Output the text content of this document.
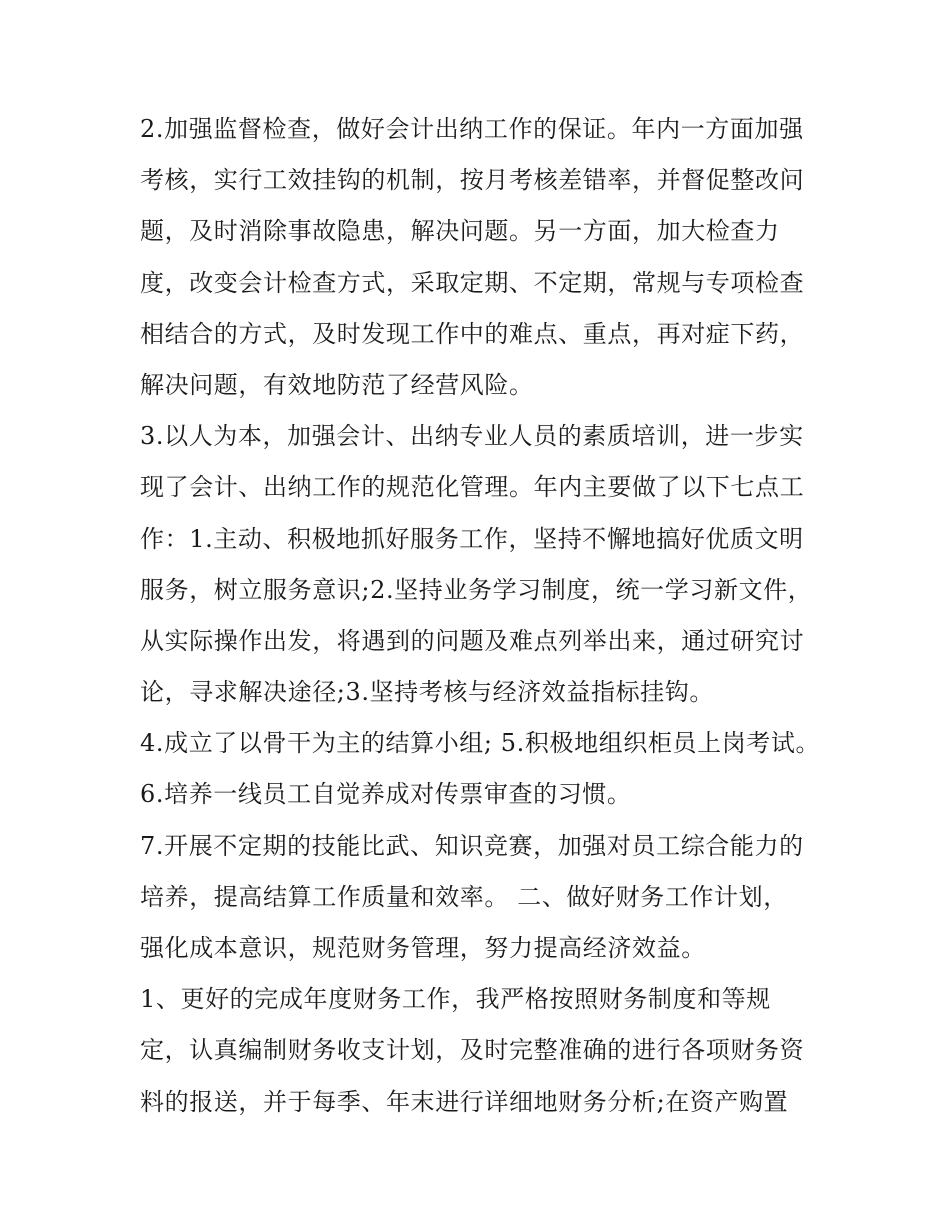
2.加强监督检查，做好会计出纳工作的保证。年内一方面加强
考核，实行工效挂钩的机制，按月考核差错率，并督促整改问
题，及时消除事故隐患，解决问题。另一方面，加大检查力
度，改变会计检查方式，采取定期、不定期，常规与专项检查
相结合的方式，及时发现工作中的难点、重点，再对症下药，
解决问题，有效地防范了经营风险。
3.以人为本，加强会计、出纳专业人员的素质培训，进一步实
现了会计、出纳工作的规范化管理。年内主要做了以下七点工
作：1.主动、积极地抓好服务工作，坚持不懈地搞好优质文明
服务，树立服务意识;2.坚持业务学习制度，统一学习新文件，
从实际操作出发，将遇到的问题及难点列举出来，通过研究讨
论，寻求解决途径;3.坚持考核与经济效益指标挂钩。
4.成立了以骨干为主的结算小组; 5.积极地组织柜员上岗考试。
6.培养一线员工自觉养成对传票审查的习惯。
7.开展不定期的技能比武、知识竞赛，加强对员工综合能力的
培养，提高结算工作质量和效率。 二、做好财务工作计划，
强化成本意识，规范财务管理，努力提高经济效益。
1、更好的完成年度财务工作，我严格按照财务制度和等规
定，认真编制财务收支计划，及时完整准确的进行各项财务资
料的报送，并于每季、年末进行详细地财务分析;在资产购置
